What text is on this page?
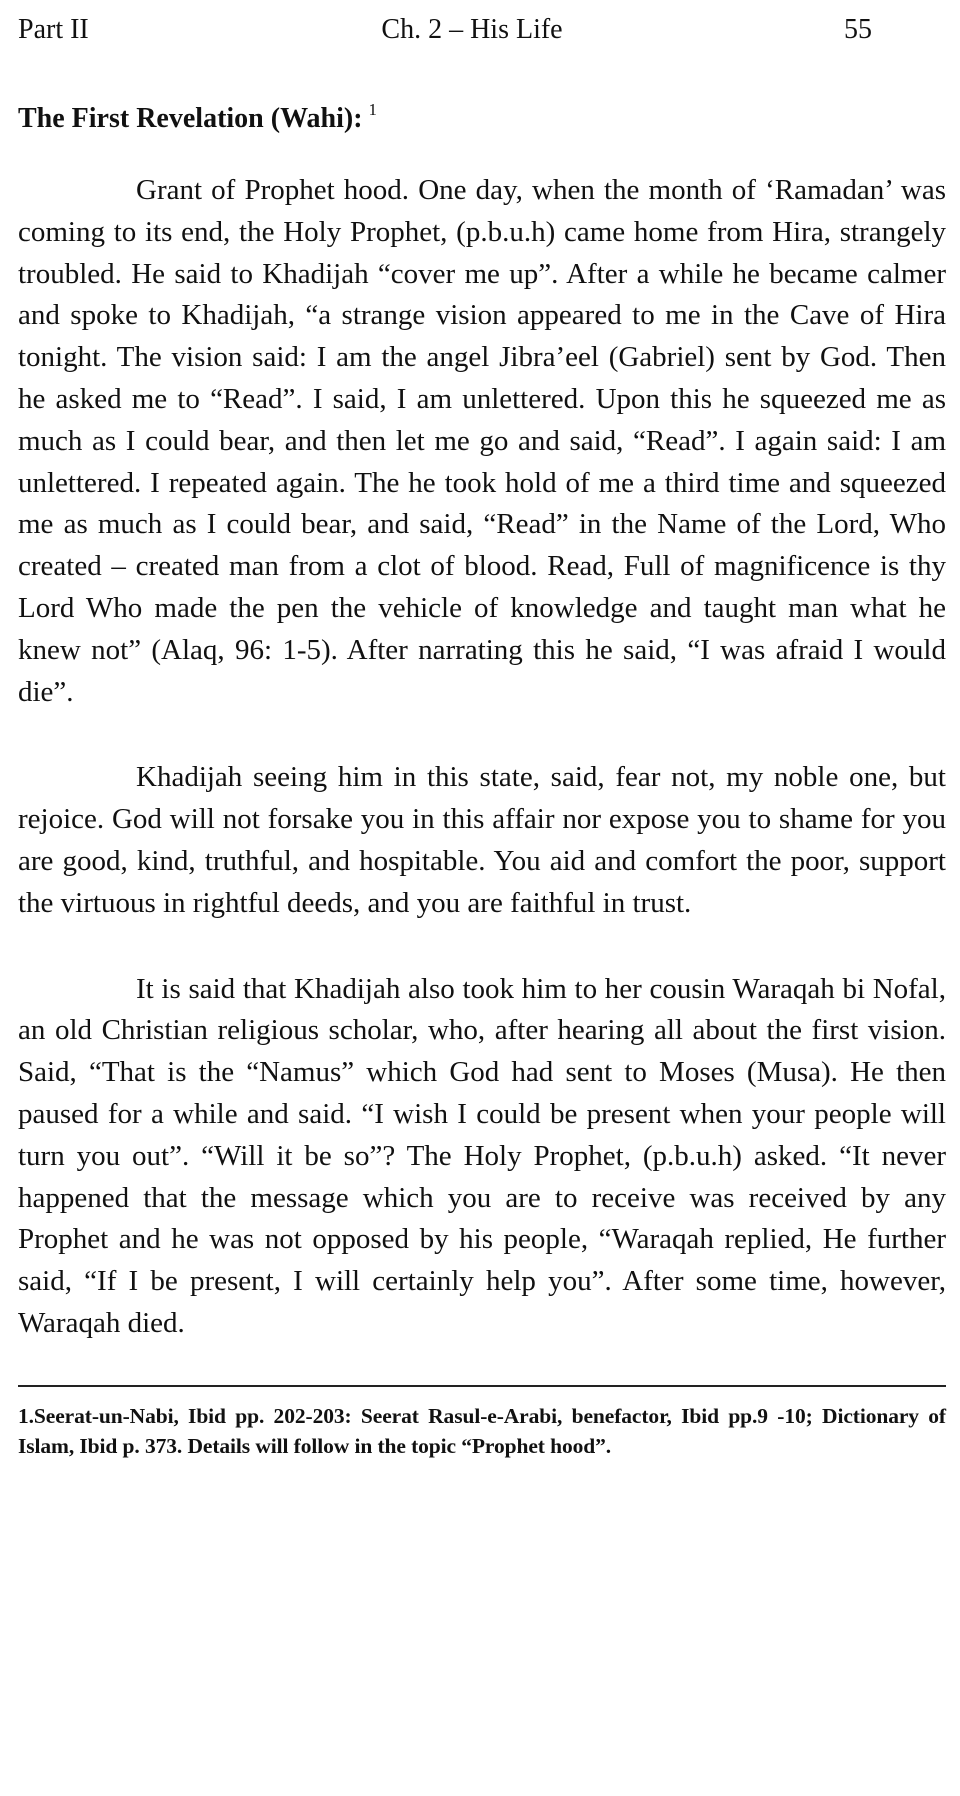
Part II	Ch. 2 – His Life	55
The First Revelation (Wahi): $^1$

Grant of Prophet hood. One day, when the month of ‘Ramadan’ was coming to its end, the Holy Prophet, (p.b.u.h) came home from Hira, strangely troubled. He said to Khadijah “cover me up”. After a while he became calmer and spoke to Khadijah, “a strange vision appeared to me in the Cave of Hira tonight. The vision said: I am the angel Jibra’eel (Gabriel) sent by God. Then he asked me to “Read”. I said, I am unlettered. Upon this he squeezed me as much as I could bear, and then let me go and said, “Read”. I again said: I am unlettered. I repeated again. The he took hold of me a third time and squeezed me as much as I could bear, and said, “Read” in the Name of the Lord, Who created – created man from a clot of blood. Read, Full of magnificence is thy Lord Who made the pen the vehicle of knowledge and taught man what he knew not” (Alaq, 96: 1-5). After narrating this he said, “I was afraid I would die”.

Khadijah seeing him in this state, said, fear not, my noble one, but rejoice. God will not forsake you in this affair nor expose you to shame for you are good, kind, truthful, and hospitable. You aid and comfort the poor, support the virtuous in rightful deeds, and you are faithful in trust.

It is said that Khadijah also took him to her cousin Waraqah bi Nofal, an old Christian religious scholar, who, after hearing all about the first vision. Said, “That is the “Namus” which God had sent to Moses (Musa). He then paused for a while and said. “I wish I could be present when your people will turn you out”. “Will it be so”? The Holy Prophet, (p.b.u.h) asked. “It never happened that the message which you are to receive was received by any Prophet and he was not opposed by his people, “Waraqah replied, He further said, “If I be present, I will certainly help you”. After some time, however, Waraqah died.

1.Seerat-un-Nabi, Ibid pp. 202-203: Seerat Rasul-e-Arabi, benefactor, Ibid pp.9 -10; Dictionary of Islam, Ibid p. 373. Details will follow in the topic “Prophet hood”.
